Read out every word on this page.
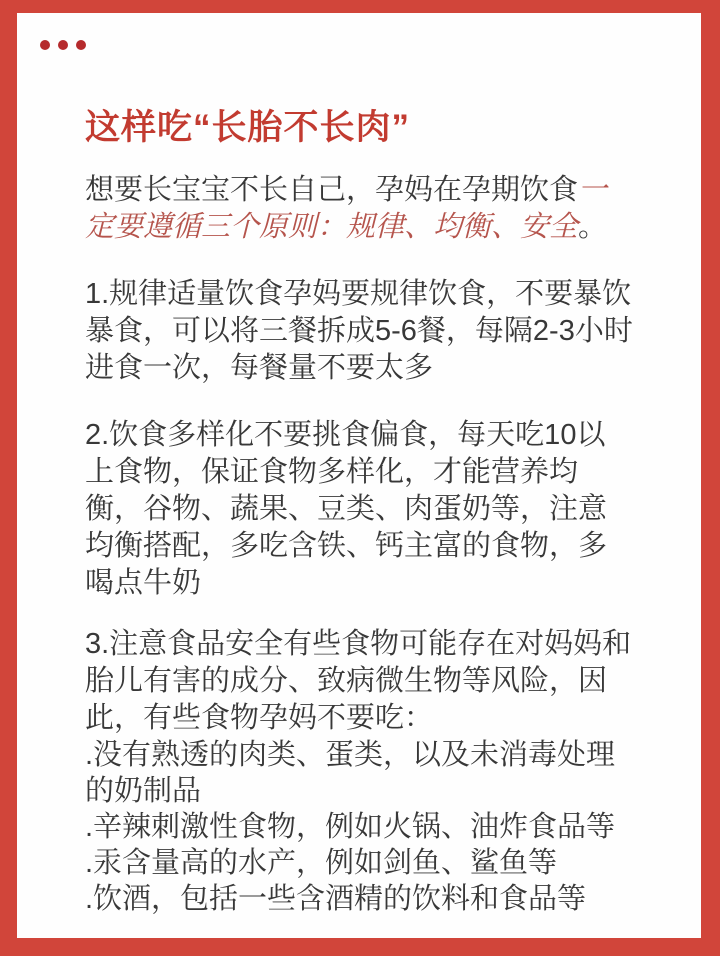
这样吃“长胎不长肉”

想要长宝宝不长自己，孕妈在孕期饮食一定要遵循三个原则：规律、均衡、安全。

1.规律适量饮食孕妈要规律饮食，不要暴饮暴食，可以将三餐拆成5-6餐，每隔2-3小时进食一次，每餐量不要太多

2.饮食多样化不要挑食偏食，每天吃10以上食物，保证食物多样化，才能营养均衡，谷物、蔬果、豆类、肉蛋奶等，注意均衡搭配，多吃含铁、钙主富的食物，多喝点牛奶

3.注意食品安全有些食物可能存在对妈妈和胎儿有害的成分、致病微生物等风险，因此，有些食物孕妈不要吃：

.没有熟透的肉类、蛋类，以及未消毒处理的奶制品
.辛辣刺激性食物，例如火锅、油炸食品等
.汞含量高的水产，例如剑鱼、鲨鱼等
.饮酒，包括一些含酒精的饮料和食品等
